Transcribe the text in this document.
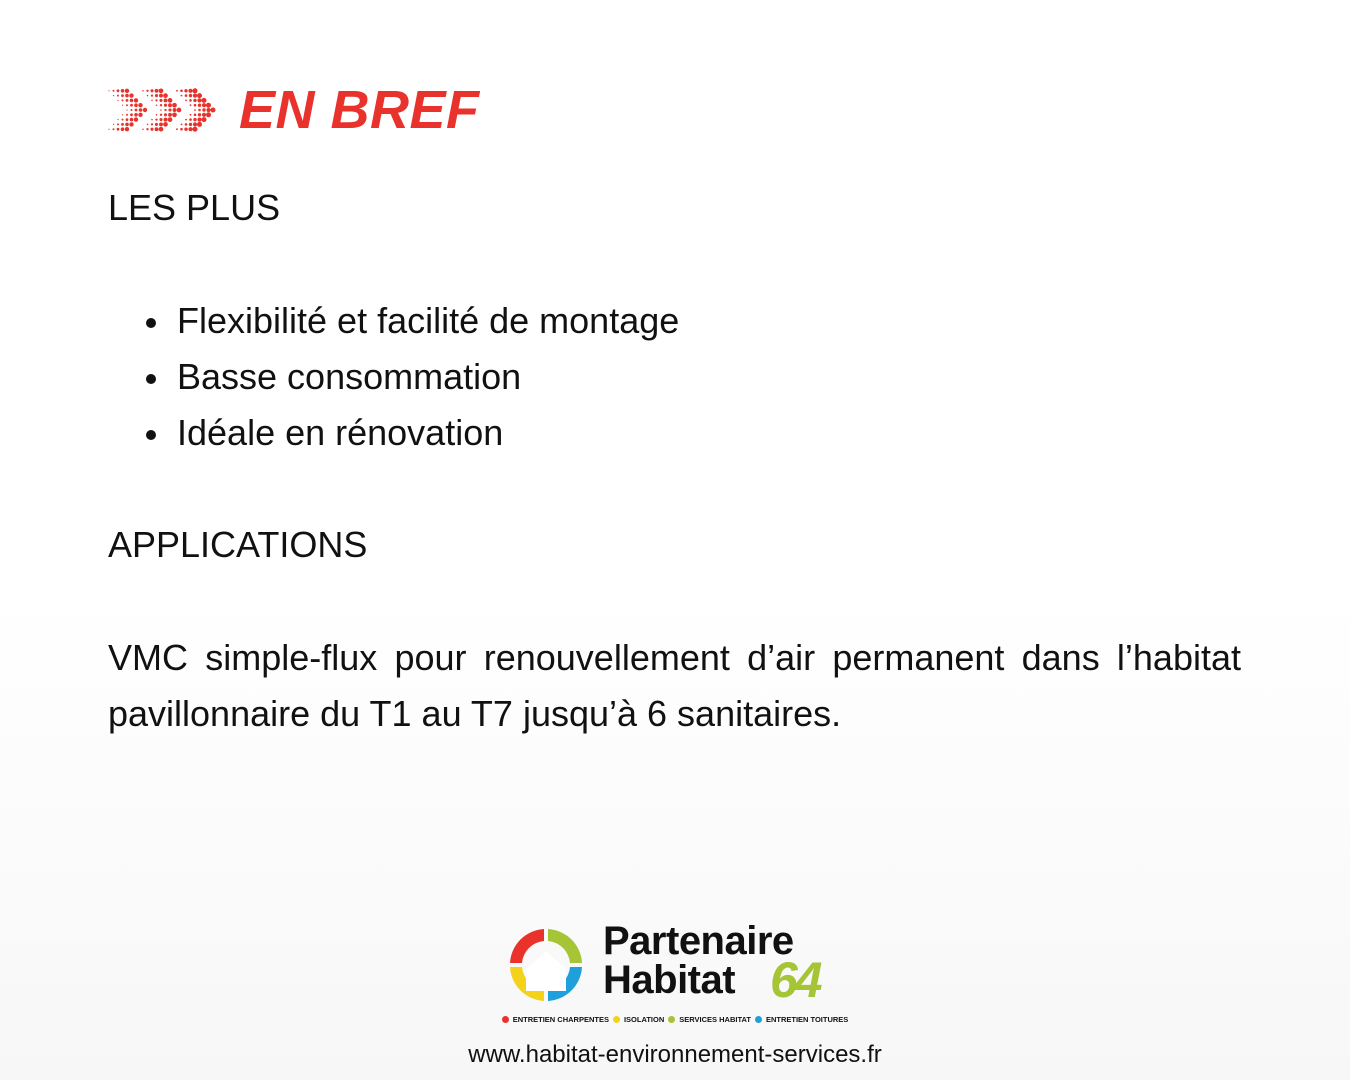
EN BREF
LES PLUS
Flexibilité et facilité de montage
Basse consommation
Idéale en rénovation
APPLICATIONS

VMC simple-flux pour renouvellement d’air permanent dans l’habitat pavillonnaire du T1 au T7 jusqu’à 6 sanitaires.

Partenaire
Habitat 64
ENTRETIEN CHARPENTES ISOLATION SERVICES HABITAT ENTRETIEN TOITURES
www.habitat-environnement-services.fr
